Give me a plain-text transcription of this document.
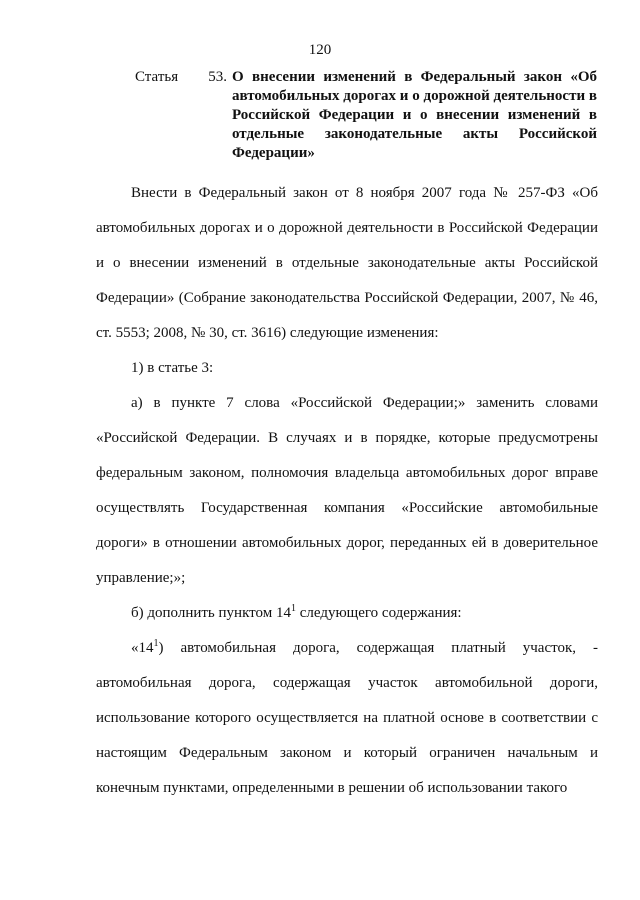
120
Статья 53. О внесении изменений в Федеральный закон «Об автомобильных дорогах и о дорожной деятельности в Российской Федерации и о внесении изменений в отдельные законодательные акты Российской Федерации»

Внести в Федеральный закон от 8 ноября 2007 года № 257-ФЗ «Об автомобильных дорогах и о дорожной деятельности в Российской Федерации и о внесении изменений в отдельные законодательные акты Российской Федерации» (Собрание законодательства Российской Федерации, 2007, № 46, ст. 5553; 2008, № 30, ст. 3616) следующие изменения:

1) в статье 3:

а) в пункте 7 слова «Российской Федерации;» заменить словами «Российской Федерации. В случаях и в порядке, которые предусмотрены федеральным законом, полномочия владельца автомобильных дорог вправе осуществлять Государственная компания «Российские автомобильные дороги» в отношении автомобильных дорог, переданных ей в доверительное управление;»;

б) дополнить пунктом $14^1$ следующего содержания:

«$14^1$) автомобильная дорога, содержащая платный участок, - автомобильная дорога, содержащая участок автомобильной дороги, использование которого осуществляется на платной основе в соответствии с настоящим Федеральным законом и который ограничен начальным и конечным пунктами, определенными в решении об использовании такого
